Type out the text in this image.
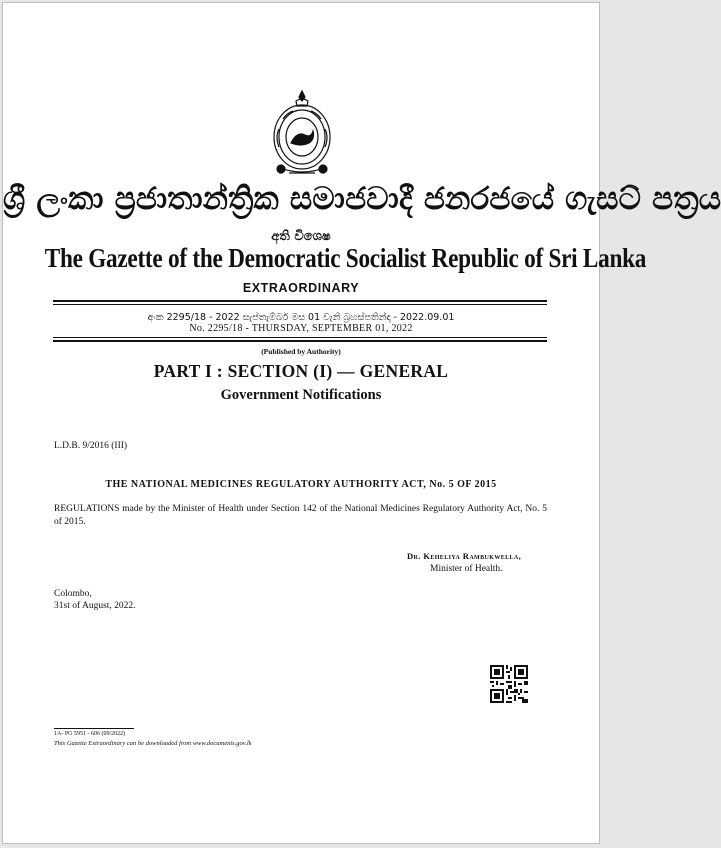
ශ්‍රී ලංකා ප්‍රජාතාන්ත්‍රික සමාජවාදී ජනරජයේ ගැසට් පත්‍රය
අති විශෙෂ
The Gazette of the Democratic Socialist Republic of Sri Lanka
EXTRAORDINARY
අංක 2295/18 - 2022 සැප්තැම්බර් මස 01 වැනි බ්‍රහස්පතින්දා - 2022.09.01
No. 2295/18 - THURSDAY, SEPTEMBER 01, 2022
(Published by Authority)
PART I : SECTION (I) — GENERAL
Government Notifications
L.D.B. 9/2016 (III)
THE NATIONAL MEDICINES REGULATORY AUTHORITY ACT, No. 5 OF 2015
REGULATIONS made by the Minister of Health under Section 142 of the National Medicines Regulatory Authority Act, No. 5 of 2015.
Dr. Keheliya Rambukwella,
Minister of Health.
Colombo,
31st of August, 2022.
1A- PG 5951 - 606 (09/2022)
This Gazette Extraordinary can be downloaded from www.documents.gov.lk
